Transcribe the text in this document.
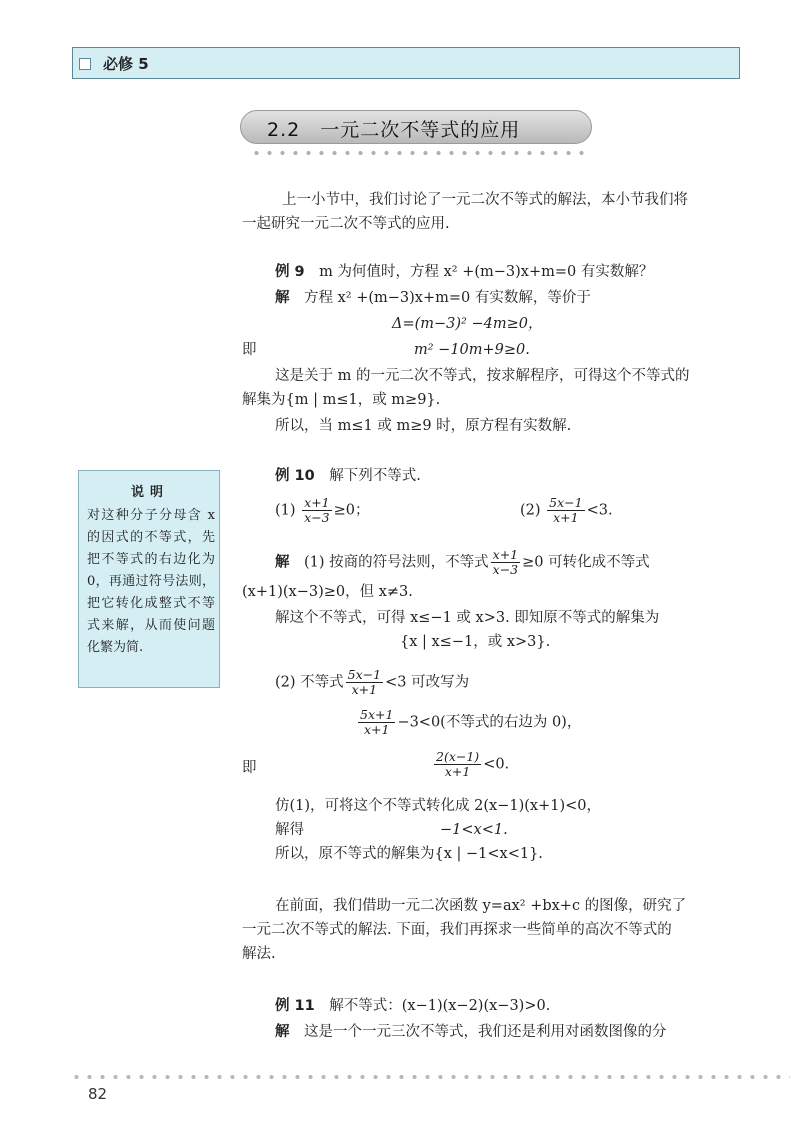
必修 5
2.2　一元二次不等式的应用
上一小节中，我们讨论了一元二次不等式的解法，本小节我们将
一起研究一元二次不等式的应用.
例 9　 m 为何值时，方程 x² +(m−3)x+m=0 有实数解？
解　 方程 x² +(m−3)x+m=0 有实数解，等价于
Δ=(m−3)² −4m≥0，
即	m² −10m+9≥0.
这是关于 m 的一元二次不等式，按求解程序，可得这个不等式的
解集为{m | m≤1，或 m≥9}.
所以，当 m≤1 或 m≥9 时，原方程有实数解.
说明
对这种分子分母含 x 的因式的不等式，先把不等式的右边化为 0，再通过符号法则，把它转化成整式不等式来解，从而使问题化繁为简.
例 10　 解下列不等式.
$(1) \frac{x+1}{x-3} \ge 0$；	$(2) \frac{5x-1}{x+1} <3$.
解　 (1) 按商的符号法则，不等式 $\frac{x+1}{x-3} \ge 0$ 可转化成不等式
(x+1)(x−3)≥0，但 x≠3.
解这个不等式，可得 x≤−1 或 x>3. 即知原不等式的解集为
{x | x≤−1，或 x>3}.
(2) 不等式 $\frac{5x-1}{x+1} <3$ 可改写为
$\frac{5x+1}{x+1} -3<0$(不等式的右边为 0)，
即	$\frac{2(x-1)}{x+1} <0$.
仿(1)，可将这个不等式转化成 2(x−1)(x+1)<0，
解得	−1<x<1.
所以，原不等式的解集为{x | −1<x<1}.
在前面，我们借助一元二次函数 y=ax² +bx+c 的图像，研究了
一元二次不等式的解法. 下面，我们再探求一些简单的高次不等式的
解法.
例 11　 解不等式：(x−1)(x−2)(x−3)>0.
解　 这是一个一元三次不等式，我们还是利用对函数图像的分
82
